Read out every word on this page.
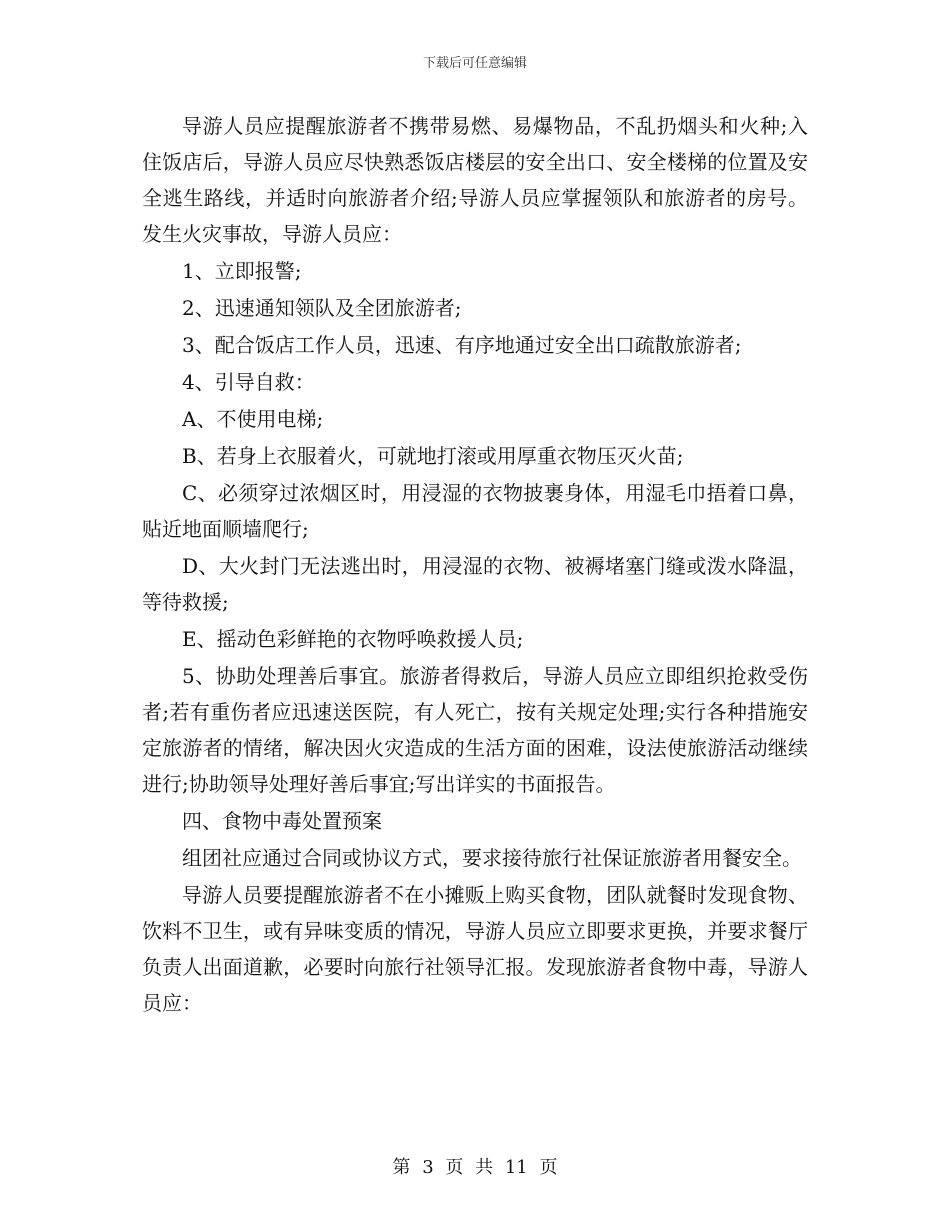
下载后可任意编辑

导游人员应提醒旅游者不携带易燃、易爆物品，不乱扔烟头和火种;入住饭店后，导游人员应尽快熟悉饭店楼层的安全出口、安全楼梯的位置及安全逃生路线，并适时向旅游者介绍;导游人员应掌握领队和旅游者的房号。发生火灾事故，导游人员应：

1、立即报警;

2、迅速通知领队及全团旅游者;

3、配合饭店工作人员，迅速、有序地通过安全出口疏散旅游者;

4、引导自救：

A、不使用电梯;

B、若身上衣服着火，可就地打滚或用厚重衣物压灭火苗;

C、必须穿过浓烟区时，用浸湿的衣物披裹身体，用湿毛巾捂着口鼻，贴近地面顺墙爬行;

D、大火封门无法逃出时，用浸湿的衣物、被褥堵塞门缝或泼水降温，等待救援;

E、摇动色彩鲜艳的衣物呼唤救援人员;

5、协助处理善后事宜。旅游者得救后，导游人员应立即组织抢救受伤者;若有重伤者应迅速送医院，有人死亡，按有关规定处理;实行各种措施安定旅游者的情绪，解决因火灾造成的生活方面的困难，设法使旅游活动继续进行;协助领导处理好善后事宜;写出详实的书面报告。

四、食物中毒处置预案

组团社应通过合同或协议方式，要求接待旅行社保证旅游者用餐安全。

导游人员要提醒旅游者不在小摊贩上购买食物，团队就餐时发现食物、饮料不卫生，或有异味变质的情况，导游人员应立即要求更换，并要求餐厅负责人出面道歉，必要时向旅行社领导汇报。发现旅游者食物中毒，导游人员应：

第 3 页 共 11 页
